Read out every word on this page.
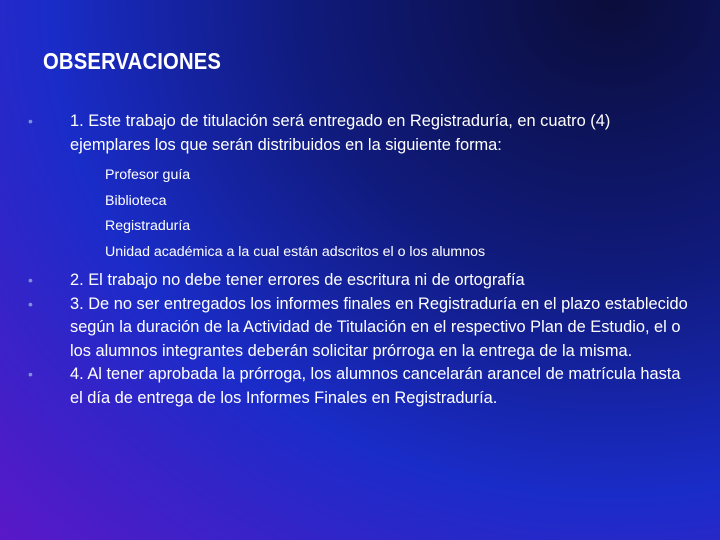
OBSERVACIONES
•	1. Este trabajo de titulación será entregado en Registraduría, en cuatro (4) ejemplares los que serán distribuidos en la siguiente forma:
Profesor guía
Biblioteca
Registraduría
Unidad académica a la cual están adscritos el o los alumnos
•	2. El trabajo no debe tener errores de escritura ni de ortografía
•	3. De no ser entregados los informes finales en Registraduría en el plazo establecido según la duración de la Actividad de Titulación en el respectivo Plan de Estudio, el o los alumnos integrantes deberán solicitar prórroga en la entrega de la misma.
•	4. Al tener aprobada la prórroga, los alumnos cancelarán arancel de matrícula hasta el día de entrega de los Informes Finales en Registraduría.
